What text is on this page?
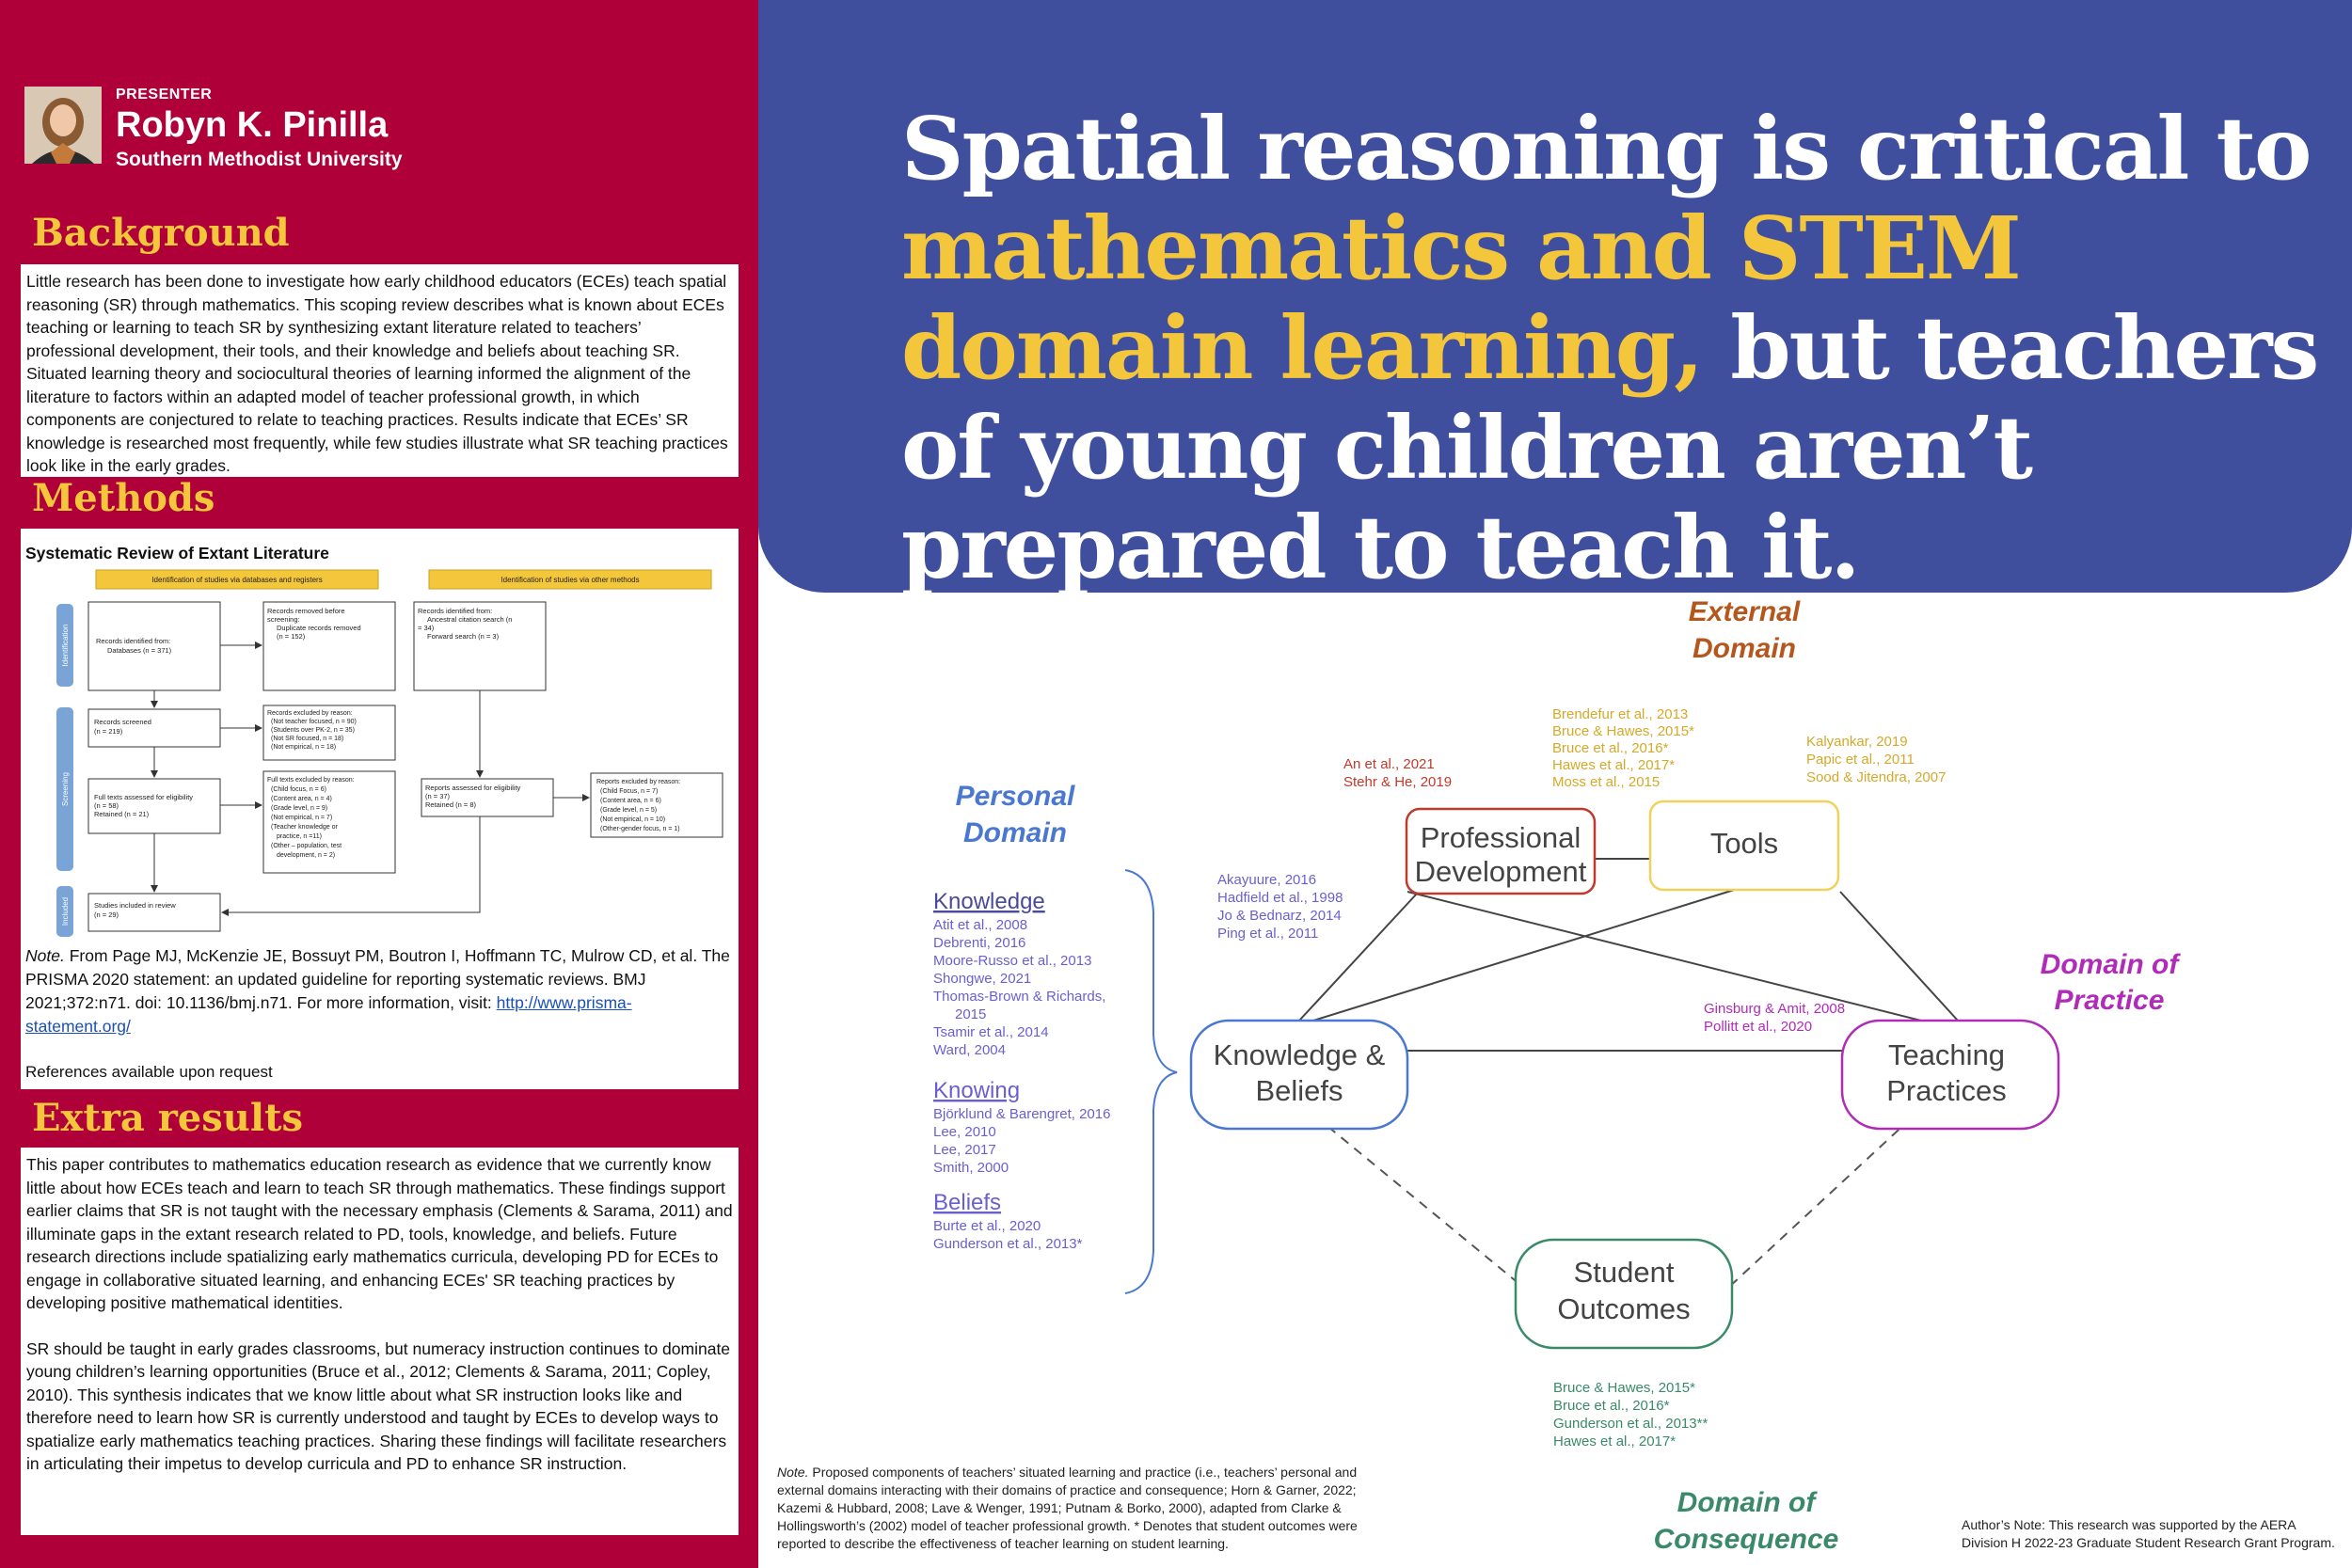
PRESENTER
Robyn K. Pinilla
Southern Methodist University
Background

Little research has been done to investigate how early childhood educators (ECEs) teach spatial reasoning (SR) through mathematics. This scoping review describes what is known about ECEs teaching or learning to teach SR by synthesizing extant literature related to teachers’ professional development, their tools, and their knowledge and beliefs about teaching SR. Situated learning theory and sociocultural theories of learning informed the alignment of the literature to factors within an adapted model of teacher professional growth, in which components are conjectured to relate to teaching practices. Results indicate that ECEs’ SR knowledge is researched most frequently, while few studies illustrate what SR teaching practices look like in the early grades.

Methods
Systematic Review of Extant Literature
Identification of studies via databases and registers	Identification of studies via other methods
Identification
Screening
Included
Records identified from: Databases (n = 371)
Records removed before screening: Duplicate records removed (n = 152)
Records identified from: Ancestral citation search (n = 34) Forward search (n = 3)
Records screened (n = 219)
Records excluded by reason: (Not teacher focused, n = 90) (Students over PK-2, n = 35) (Not SR focused, n = 18) (Not empirical, n = 18)
Full texts assessed for eligibility (n = 58) Retained (n = 21)
Full texts excluded by reason: (Child focus, n = 6) (Content area, n = 4) (Grade level, n = 9) (Not empirical, n = 7) (Teacher knowledge or practice, n =11) (Other – population, test development, n = 2)
Reports assessed for eligibility (n = 37) Retained (n = 8)
Reports excluded by reason: (Child Focus, n = 7) (Content area, n = 6) (Grade level, n = 5) (Not empirical, n = 10) (Other-gender focus, n = 1)
Studies included in review (n = 29)
Note. From Page MJ, McKenzie JE, Bossuyt PM, Boutron I, Hoffmann TC, Mulrow CD, et al. The PRISMA 2020 statement: an updated guideline for reporting systematic reviews. BMJ 2021;372:n71. doi: 10.1136/bmj.n71. For more information, visit: http://www.prisma-statement.org/
References available upon request
Extra results

This paper contributes to mathematics education research as evidence that we currently know little about how ECEs teach and learn to teach SR through mathematics. These findings support earlier claims that SR is not taught with the necessary emphasis (Clements & Sarama, 2011) and illuminate gaps in the extant research related to PD, tools, knowledge, and beliefs. Future research directions include spatializing early mathematics curricula, developing PD for ECEs to engage in collaborative situated learning, and enhancing ECEs' SR teaching practices by developing positive mathematical identities.

SR should be taught in early grades classrooms, but numeracy instruction continues to dominate young children’s learning opportunities (Bruce et al., 2012; Clements & Sarama, 2011; Copley, 2010). This synthesis indicates that we know little about what SR instruction looks like and therefore need to learn how SR is currently understood and taught by ECEs to develop ways to spatialize early mathematics teaching practices. Sharing these findings will facilitate researchers in articulating their impetus to develop curricula and PD to enhance SR instruction.

Spatial reasoning is critical to mathematics and STEM domain learning, but teachers of young children aren’t prepared to teach it.
Professional Development
Tools
Knowledge & Beliefs
Teaching Practices
Student Outcomes
External Domain
Personal Domain
Domain of Practice
Domain of Consequence
An et al., 2021 Stehr & He, 2019
Brendefur et al., 2013 Bruce & Hawes, 2015* Bruce et al., 2016* Hawes et al., 2017* Moss et al., 2015
Kalyankar, 2019 Papic et al., 2011 Sood & Jitendra, 2007
Akayuure, 2016 Hadfield et al., 1998 Jo & Bednarz, 2014 Ping et al., 2011
Ginsburg & Amit, 2008 Pollitt et al., 2020
Bruce & Hawes, 2015* Bruce et al., 2016* Gunderson et al., 2013** Hawes et al., 2017*
Knowledge
Atit et al., 2008 Debrenti, 2016 Moore-Russo et al., 2013 Shongwe, 2021 Thomas-Brown & Richards, 2015 Tsamir et al., 2014 Ward, 2004
Knowing
Björklund & Barengret, 2016 Lee, 2010 Lee, 2017 Smith, 2000
Beliefs
Burte et al., 2020 Gunderson et al., 2013*
Note. Proposed components of teachers’ situated learning and practice (i.e., teachers’ personal and external domains interacting with their domains of practice and consequence; Horn & Garner, 2022; Kazemi & Hubbard, 2008; Lave & Wenger, 1991; Putnam & Borko, 2000), adapted from Clarke & Hollingsworth’s (2002) model of teacher professional growth. * Denotes that student outcomes were reported to describe the effectiveness of teacher learning on student learning.
Author’s Note: This research was supported by the AERA Division H 2022-23 Graduate Student Research Grant Program.
